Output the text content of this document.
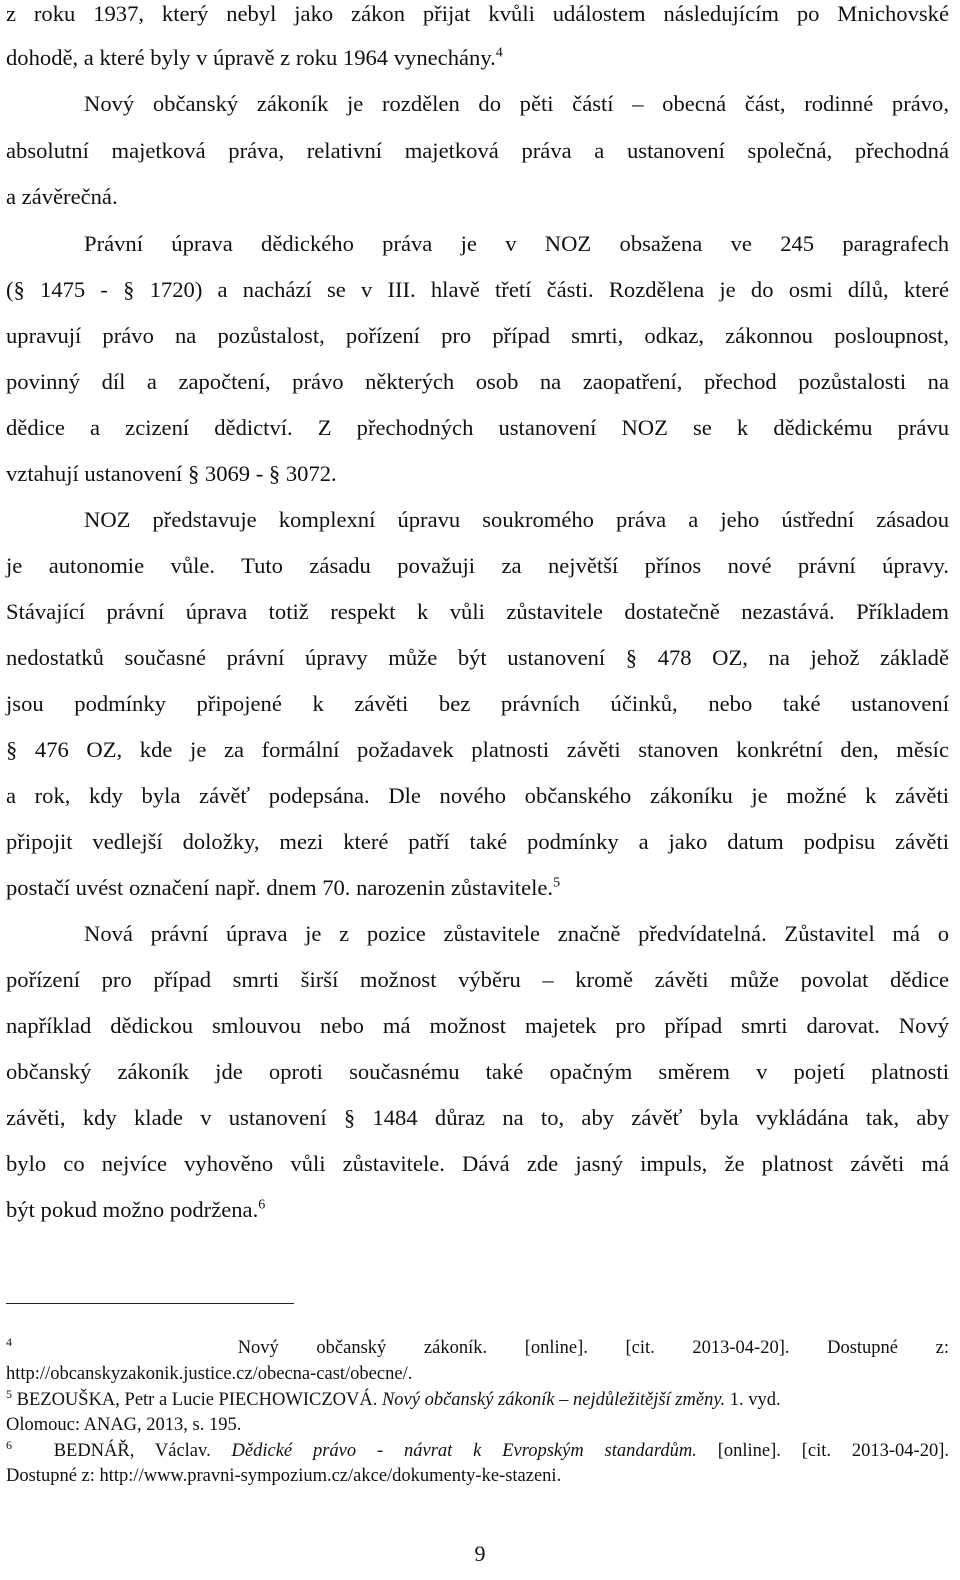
z roku 1937, který nebyl jako zákon přijat kvůli událostem následujícím po Mnichovské
dohodě, a které byly v úpravě z roku 1964 vynechány.$^4$
Nový občanský zákoník je rozdělen do pěti částí – obecná část, rodinné právo,
absolutní majetková práva, relativní majetková práva a ustanovení společná, přechodná
a závěrečná.
Právní úprava dědického práva je v NOZ obsažena ve 245 paragrafech
(§ 1475 - § 1720) a nachází se v III. hlavě třetí části. Rozdělena je do osmi dílů, které
upravují právo na pozůstalost, pořízení pro případ smrti, odkaz, zákonnou posloupnost,
povinný díl a započtení, právo některých osob na zaopatření, přechod pozůstalosti na
dědice a zcizení dědictví. Z přechodných ustanovení NOZ se k dědickému právu
vztahují ustanovení § 3069 - § 3072.
NOZ představuje komplexní úpravu soukromého práva a jeho ústřední zásadou
je autonomie vůle. Tuto zásadu považuji za největší přínos nové právní úpravy.
Stávající právní úprava totiž respekt k vůli zůstavitele dostatečně nezastává. Příkladem
nedostatků současné právní úpravy může být ustanovení § 478 OZ, na jehož základě
jsou podmínky připojené k závěti bez právních účinků, nebo také ustanovení
§ 476 OZ, kde je za formální požadavek platnosti závěti stanoven konkrétní den, měsíc
a rok, kdy byla závěť podepsána. Dle nového občanského zákoníku je možné k závěti
připojit vedlejší doložky, mezi které patří také podmínky a jako datum podpisu závěti
postačí uvést označení např. dnem 70. narozenin zůstavitele.$^5$
Nová právní úprava je z pozice zůstavitele značně předvídatelná. Zůstavitel má o
pořízení pro případ smrti širší možnost výběru – kromě závěti může povolat dědice
například dědickou smlouvou nebo má možnost majetek pro případ smrti darovat. Nový
občanský zákoník jde oproti současnému také opačným směrem v pojetí platnosti
závěti, kdy klade v ustanovení § 1484 důraz na to, aby závěť byla vykládána tak, aby
bylo co nejvíce vyhověno vůli zůstavitele. Dává zde jasný impuls, že platnost závěti má
být pokud možno podržena.$^6$
$^4$	Nový občanský zákoník. [online]. [cit. 2013-04-20]. Dostupné z:
http://obcanskyzakonik.justice.cz/obecna-cast/obecne/.
$^5$ BEZOUŠKA, Petr a Lucie PIECHOWICZOVÁ. Nový občanský zákoník – nejdůležitější změny. 1. vyd.
Olomouc: ANAG, 2013, s. 195.
$^6$ BEDNÁŘ, Václav. Dědické právo - návrat k Evropským standardům. [online]. [cit. 2013-04-20].
Dostupné z: http://www.pravni-sympozium.cz/akce/dokumenty-ke-stazeni.
9
